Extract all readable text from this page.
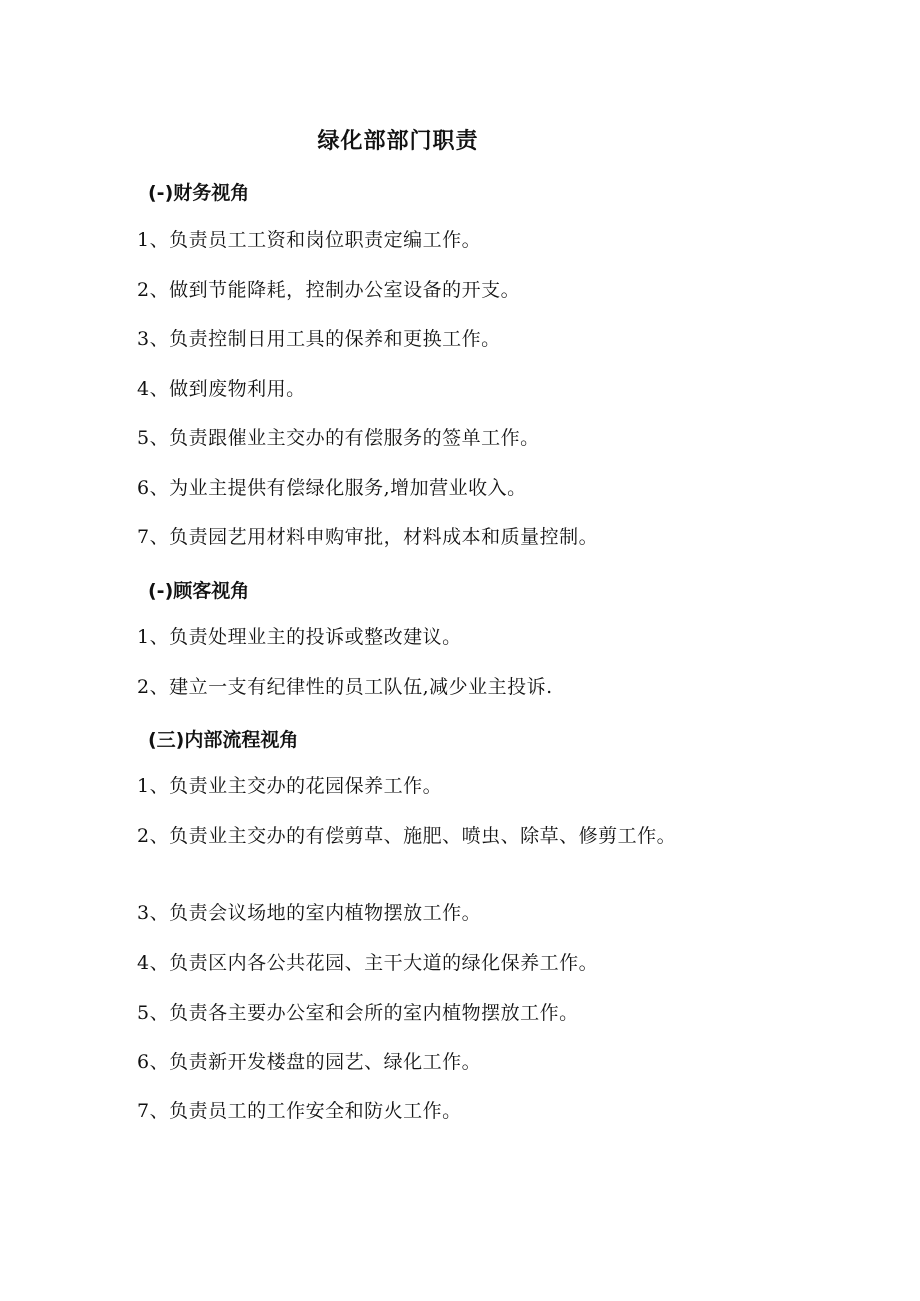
绿化部部门职责
(-)财务视角

1、负责员工工资和岗位职责定编工作。

2、做到节能降耗，控制办公室设备的开支。

3、负责控制日用工具的保养和更换工作。

4、做到废物利用。

5、负责跟催业主交办的有偿服务的签单工作。

6、为业主提供有偿绿化服务,增加营业收入。

7、负责园艺用材料申购审批，材料成本和质量控制。

(-)顾客视角

1、负责处理业主的投诉或整改建议。

2、建立一支有纪律性的员工队伍,减少业主投诉.

(三)内部流程视角

1、负责业主交办的花园保养工作。

2、负责业主交办的有偿剪草、施肥、喷虫、除草、修剪工作。

3、负责会议场地的室内植物摆放工作。

4、负责区内各公共花园、主干大道的绿化保养工作。

5、负责各主要办公室和会所的室内植物摆放工作。

6、负责新开发楼盘的园艺、绿化工作。

7、负责员工的工作安全和防火工作。
